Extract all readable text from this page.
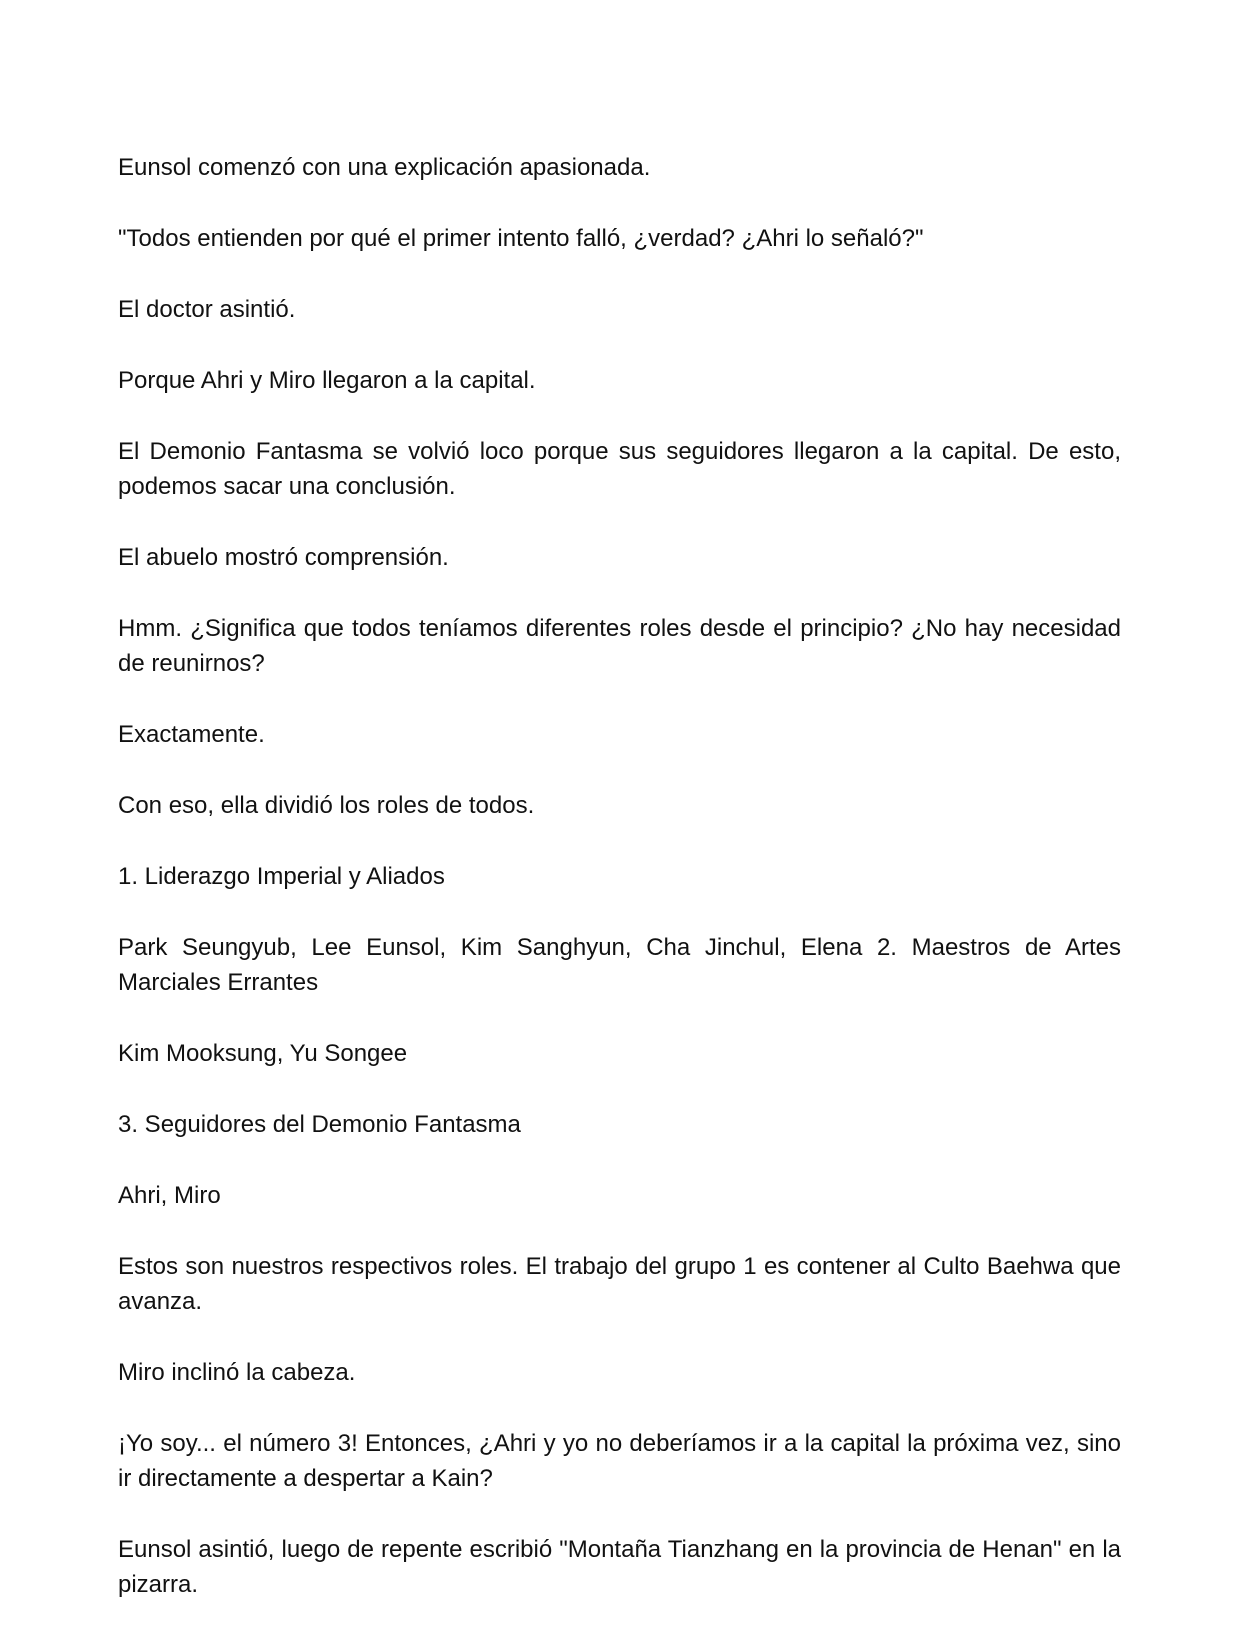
Eunsol comenzó con una explicación apasionada.

"Todos entienden por qué el primer intento falló, ¿verdad? ¿Ahri lo señaló?"

El doctor asintió.

Porque Ahri y Miro llegaron a la capital.

El Demonio Fantasma se volvió loco porque sus seguidores llegaron a la capital. De esto, podemos sacar una conclusión.

El abuelo mostró comprensión.

Hmm. ¿Significa que todos teníamos diferentes roles desde el principio? ¿No hay necesidad de reunirnos?

Exactamente.

Con eso, ella dividió los roles de todos.

1. Liderazgo Imperial y Aliados

Park Seungyub, Lee Eunsol, Kim Sanghyun, Cha Jinchul, Elena 2. Maestros de Artes Marciales Errantes

Kim Mooksung, Yu Songee

3. Seguidores del Demonio Fantasma

Ahri, Miro

Estos son nuestros respectivos roles. El trabajo del grupo 1 es contener al Culto Baehwa que avanza.

Miro inclinó la cabeza.

¡Yo soy... el número 3! Entonces, ¿Ahri y yo no deberíamos ir a la capital la próxima vez, sino ir directamente a despertar a Kain?

Eunsol asintió, luego de repente escribió "Montaña Tianzhang en la provincia de Henan" en la pizarra.
